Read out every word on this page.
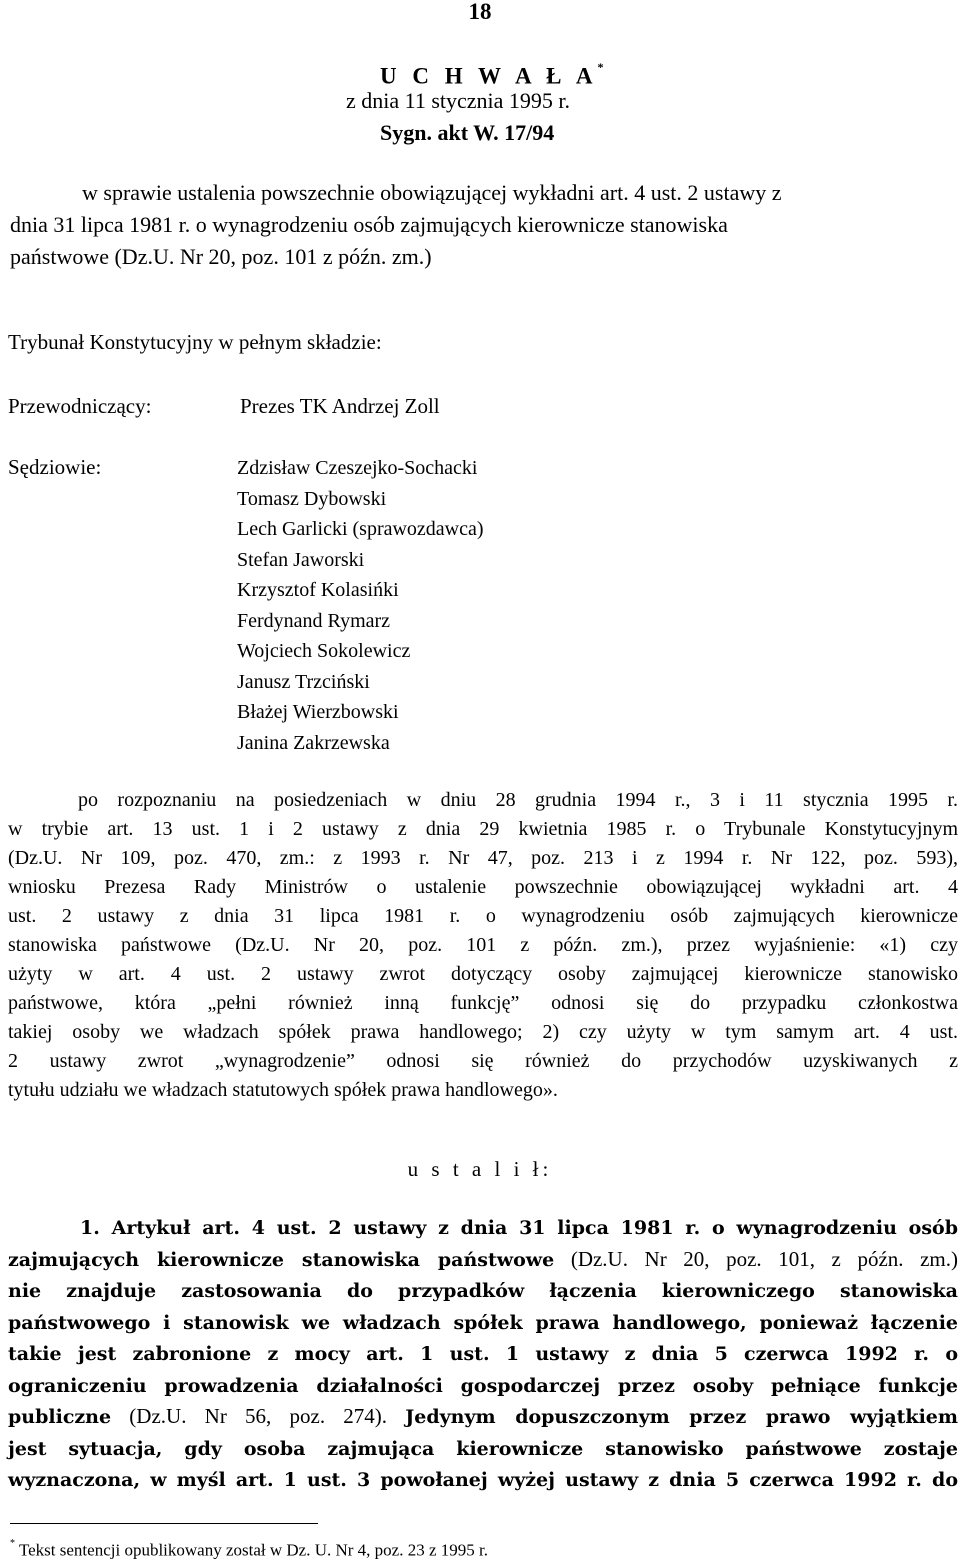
18
U C H W A Ł A*
z dnia 11 stycznia 1995 r.
Sygn. akt W. 17/94
w sprawie ustalenia powszechnie obowiązującej wykładni art. 4 ust. 2 ustawy z
dnia 31 lipca 1981 r. o wynagrodzeniu osób zajmujących kierownicze stanowiska
państwowe (Dz.U. Nr 20, poz. 101 z późn. zm.)
Trybunał Konstytucyjny w pełnym składzie:
Przewodniczący:	Prezes TK Andrzej Zoll
Sędziowie:	Zdzisław Czeszejko-Sochacki
Tomasz Dybowski
Lech Garlicki (sprawozdawca)
Stefan Jaworski
Krzysztof Kolasińki
Ferdynand Rymarz
Wojciech Sokolewicz
Janusz Trzciński
Błażej Wierzbowski
Janina Zakrzewska
po rozpoznaniu na posiedzeniach w dniu 28 grudnia 1994 r., 3 i 11 stycznia 1995 r.
w trybie art. 13 ust. 1 i 2 ustawy z dnia 29 kwietnia 1985 r. o Trybunale Konstytucyjnym
(Dz.U. Nr 109, poz. 470, zm.: z 1993 r. Nr 47, poz. 213 i z 1994 r. Nr 122, poz. 593),
wniosku Prezesa Rady Ministrów o ustalenie powszechnie obowiązującej wykładni art. 4
ust. 2 ustawy z dnia 31 lipca 1981 r. o wynagrodzeniu osób zajmujących kierownicze
stanowiska państwowe (Dz.U. Nr 20, poz. 101 z późn. zm.), przez wyjaśnienie: «1) czy
użyty w art. 4 ust. 2 ustawy zwrot dotyczący osoby zajmującej kierownicze stanowisko
państwowe, która „pełni również inną funkcję” odnosi się do przypadku członkostwa
takiej osoby we władzach spółek prawa handlowego; 2) czy użyty w tym samym art. 4 ust.
2 ustawy zwrot „wynagrodzenie” odnosi się również do przychodów uzyskiwanych z
tytułu udziału we władzach statutowych spółek prawa handlowego».
u s t a l i ł:
1. Artykuł art. 4 ust. 2 ustawy z dnia 31 lipca 1981 r. o wynagrodzeniu osób
zajmujących kierownicze stanowiska państwowe (Dz.U. Nr 20, poz. 101, z późn. zm.)
nie znajduje zastosowania do przypadków łączenia kierowniczego stanowiska
państwowego i stanowisk we władzach spółek prawa handlowego, ponieważ łączenie
takie jest zabronione z mocy art. 1 ust. 1 ustawy z dnia 5 czerwca 1992 r. o
ograniczeniu prowadzenia działalności gospodarczej przez osoby pełniące funkcje
publiczne (Dz.U. Nr 56, poz. 274). Jedynym dopuszczonym przez prawo wyjątkiem
jest sytuacja, gdy osoba zajmująca kierownicze stanowisko państwowe zostaje
wyznaczona, w myśl art. 1 ust. 3 powołanej wyżej ustawy z dnia 5 czerwca 1992 r. do
* Tekst sentencji opublikowany został w Dz. U. Nr 4, poz. 23 z 1995 r.
